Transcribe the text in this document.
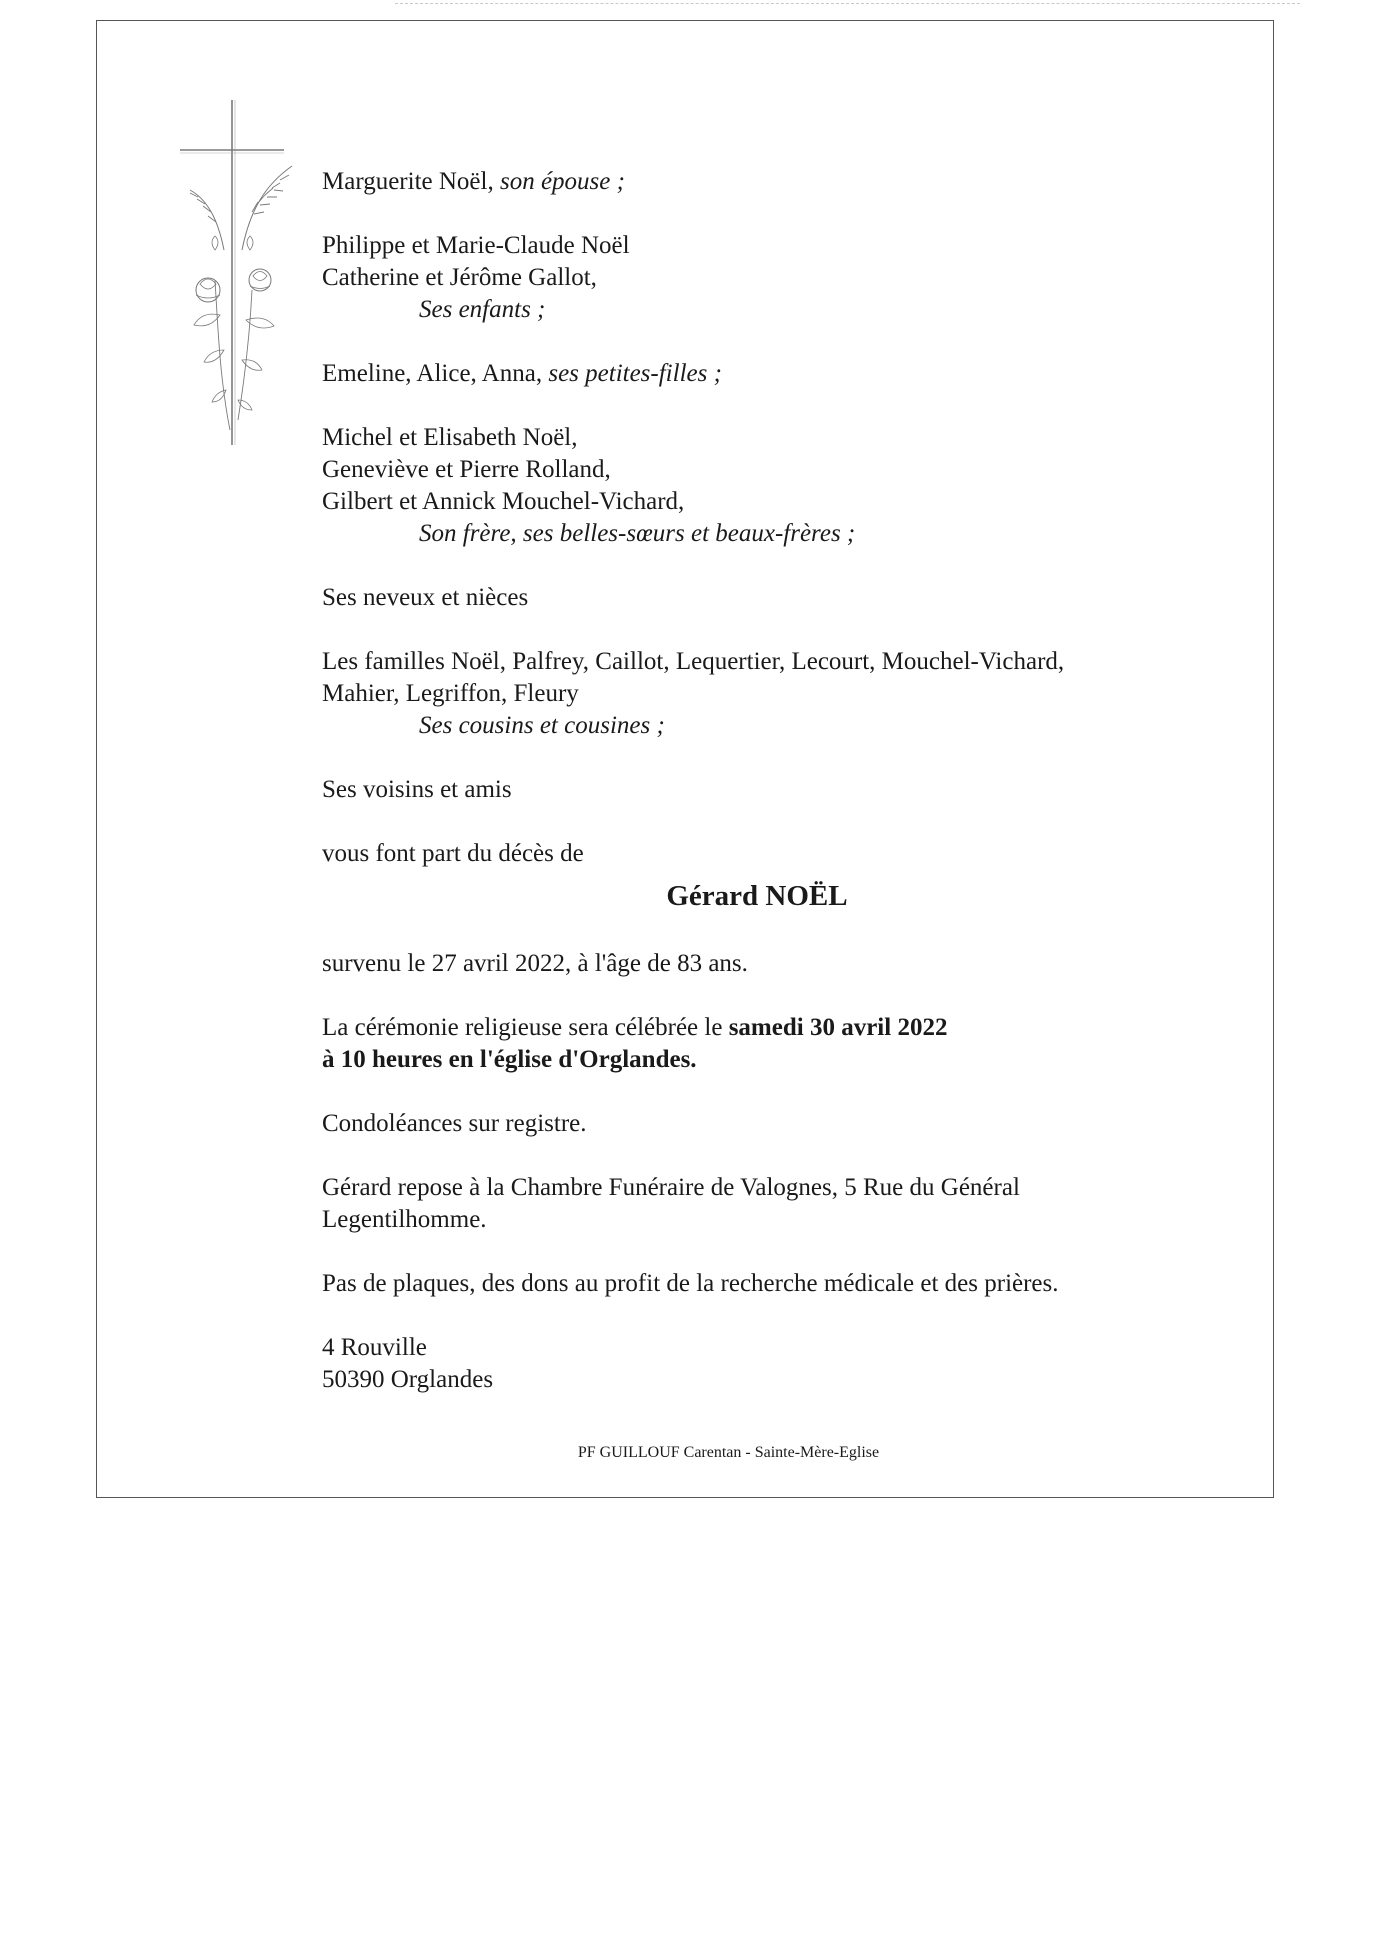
Marguerite Noël, son épouse ;
Philippe et Marie-Claude Noël
Catherine et Jérôme Gallot,
Ses enfants ;
Emeline, Alice, Anna, ses petites-filles ;
Michel et Elisabeth Noël,
Geneviève et Pierre Rolland,
Gilbert et Annick Mouchel-Vichard,
Son frère, ses belles-sœurs et beaux-frères ;
Ses neveux et nièces
Les familles Noël, Palfrey, Caillot, Lequertier, Lecourt, Mouchel-Vichard,
Mahier, Legriffon, Fleury
Ses cousins et cousines ;
Ses voisins et amis
vous font part du décès de
Gérard NOËL
survenu le 27 avril 2022, à l'âge de 83 ans.
La cérémonie religieuse sera célébrée le samedi 30 avril 2022
à 10 heures en l'église d'Orglandes.
Condoléances sur registre.
Gérard repose à la Chambre Funéraire de Valognes, 5 Rue du Général
Legentilhomme.
Pas de plaques, des dons au profit de la recherche médicale et des prières.
4 Rouville
50390 Orglandes
PF GUILLOUF Carentan - Sainte-Mère-Eglise
